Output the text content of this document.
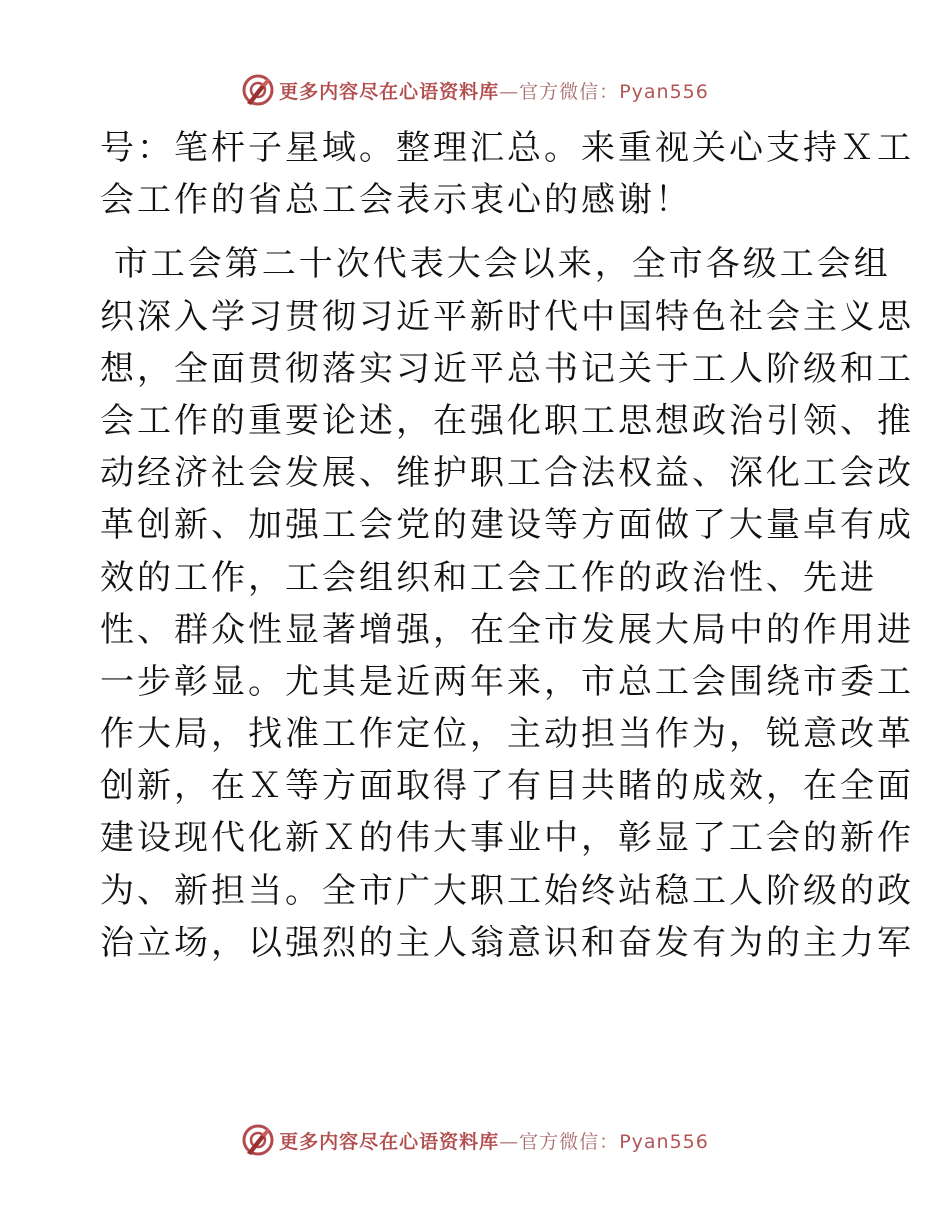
更多内容尽在心语资料库—官方微信：Pyan556
号：笔杆子星域。整理汇总。来重视关心支持Ｘ工
会工作的省总工会表示衷心的感谢！
市工会第二十次代表大会以来，全市各级工会组
织深入学习贯彻习近平新时代中国特色社会主义思
想，全面贯彻落实习近平总书记关于工人阶级和工
会工作的重要论述，在强化职工思想政治引领、推
动经济社会发展、维护职工合法权益、深化工会改
革创新、加强工会党的建设等方面做了大量卓有成
效的工作，工会组织和工会工作的政治性、先进
性、群众性显著增强，在全市发展大局中的作用进
一步彰显。尤其是近两年来，市总工会围绕市委工
作大局，找准工作定位，主动担当作为，锐意改革
创新，在Ｘ等方面取得了有目共睹的成效，在全面
建设现代化新Ｘ的伟大事业中，彰显了工会的新作
为、新担当。全市广大职工始终站稳工人阶级的政
治立场，以强烈的主人翁意识和奋发有为的主力军
更多内容尽在心语资料库—官方微信：Pyan556
